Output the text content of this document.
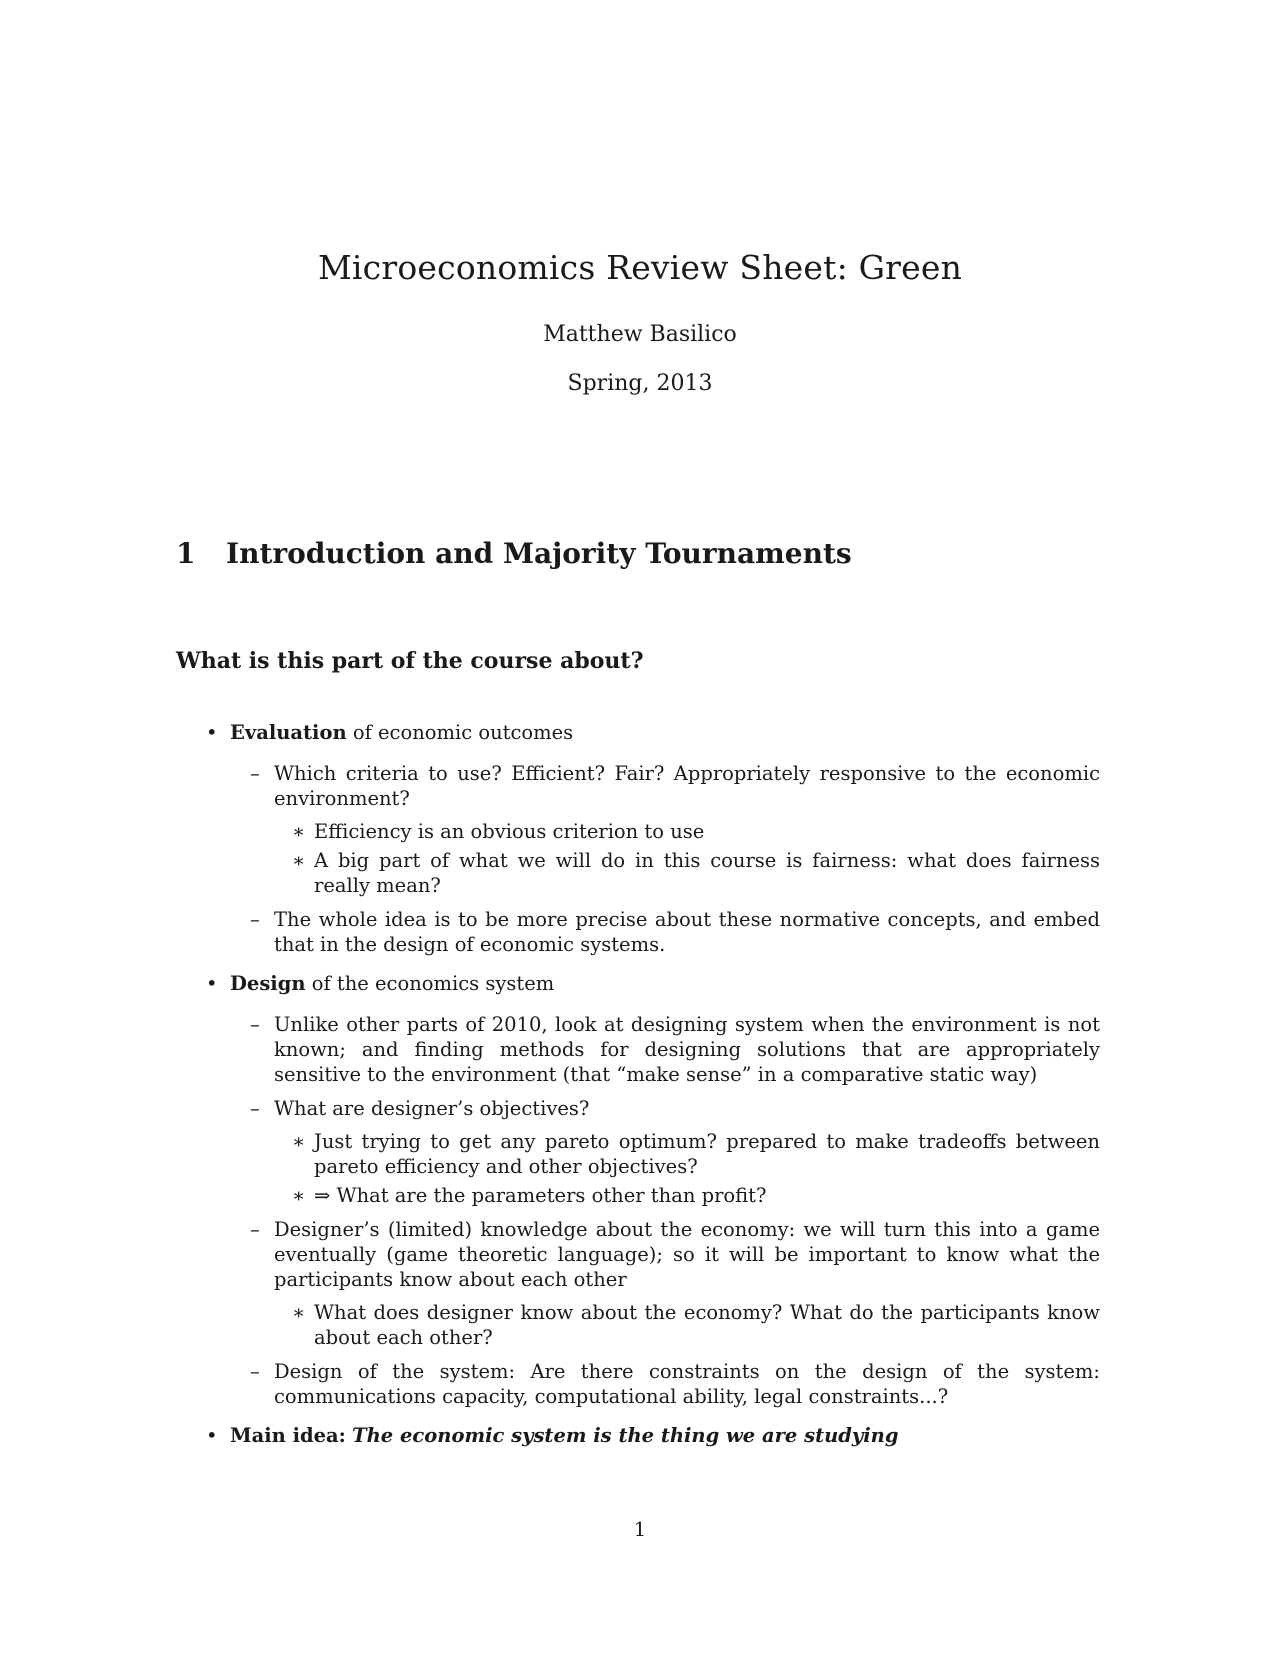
Microeconomics Review Sheet: Green
Matthew Basilico
Spring, 2013
1 Introduction and Majority Tournaments
What is this part of the course about?
• Evaluation of economic outcomes
– Which criteria to use? Efficient? Fair? Appropriately responsive to the economic environment?
∗ Efficiency is an obvious criterion to use
∗ A big part of what we will do in this course is fairness: what does fairness really mean?
– The whole idea is to be more precise about these normative concepts, and embed that in the design of economic systems.
• Design of the economics system
– Unlike other parts of 2010, look at designing system when the environment is not known; and finding methods for designing solutions that are appropriately sensitive to the environment (that “make sense” in a comparative static way)
– What are designer’s objectives?
∗ Just trying to get any pareto optimum? prepared to make tradeoffs between pareto efficiency and other objectives?
∗ ⇒ What are the parameters other than profit?
– Designer’s (limited) knowledge about the economy: we will turn this into a game eventually (game theoretic language); so it will be important to know what the participants know about each other
∗ What does designer know about the economy? What do the participants know about each other?
– Design of the system: Are there constraints on the design of the system: communications capacity, computational ability, legal constraints...?
• Main idea: The economic system is the thing we are studying
1
